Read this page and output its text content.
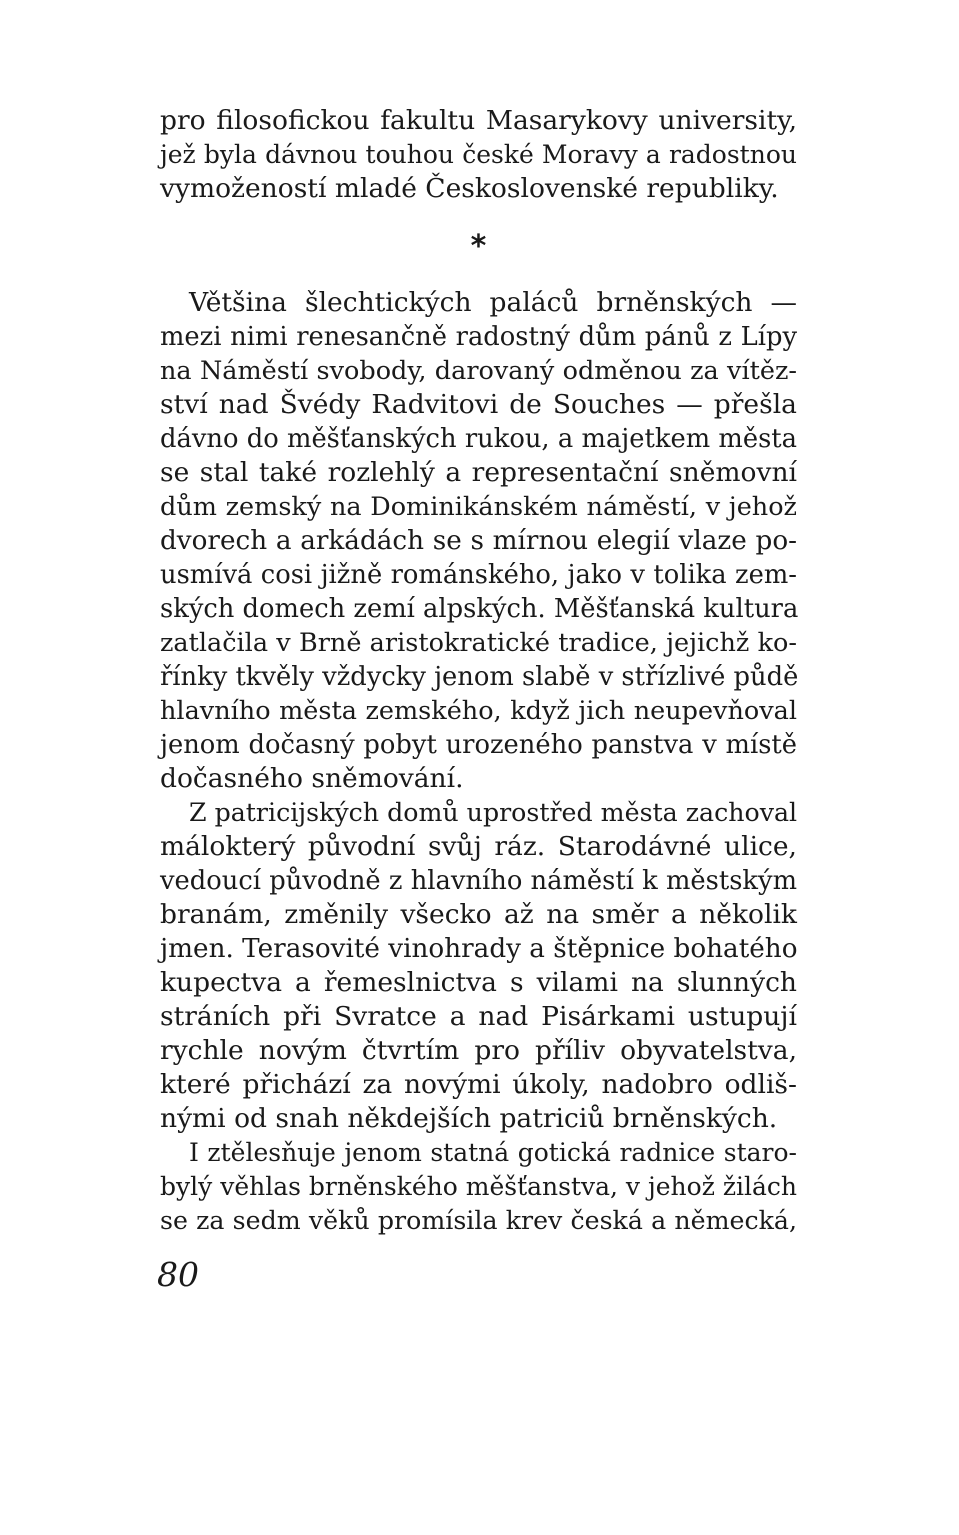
pro filosofickou fakultu Masarykovy university,
jež byla dávnou touhou české Moravy a radostnou
vymožeností mladé Československé republiky.
*
Většina šlechtických paláců brněnských —
mezi nimi renesančně radostný dům pánů z Lípy
na Náměstí svobody, darovaný odměnou za vítěz-
ství nad Švédy Radvitovi de Souches — přešla
dávno do měšťanských rukou, a majetkem města
se stal také rozlehlý a representační sněmovní
dům zemský na Dominikánském náměstí, v jehož
dvorech a arkádách se s mírnou elegií vlaze po-
usmívá cosi jižně románského, jako v tolika zem-
ských domech zemí alpských. Měšťanská kultura
zatlačila v Brně aristokratické tradice, jejichž ko-
řínky tkvěly vždycky jenom slabě v střízlivé půdě
hlavního města zemského, když jich neupevňoval
jenom dočasný pobyt urozeného panstva v místě
dočasného sněmování.
Z patricijských domů uprostřed města zachoval
málokterý původní svůj ráz. Starodávné ulice,
vedoucí původně z hlavního náměstí k městským
branám, změnily všecko až na směr a několik
jmen. Terasovité vinohrady a štěpnice bohatého
kupectva a řemeslnictva s vilami na slunných
stráních při Svratce a nad Pisárkami ustupují
rychle novým čtvrtím pro příliv obyvatelstva,
které přichází za novými úkoly, nadobro odliš-
nými od snah někdejších patriciů brněnských.
I ztělesňuje jenom statná gotická radnice staro-
bylý věhlas brněnského měšťanstva, v jehož žilách
se za sedm věků promísila krev česká a německá,
80
